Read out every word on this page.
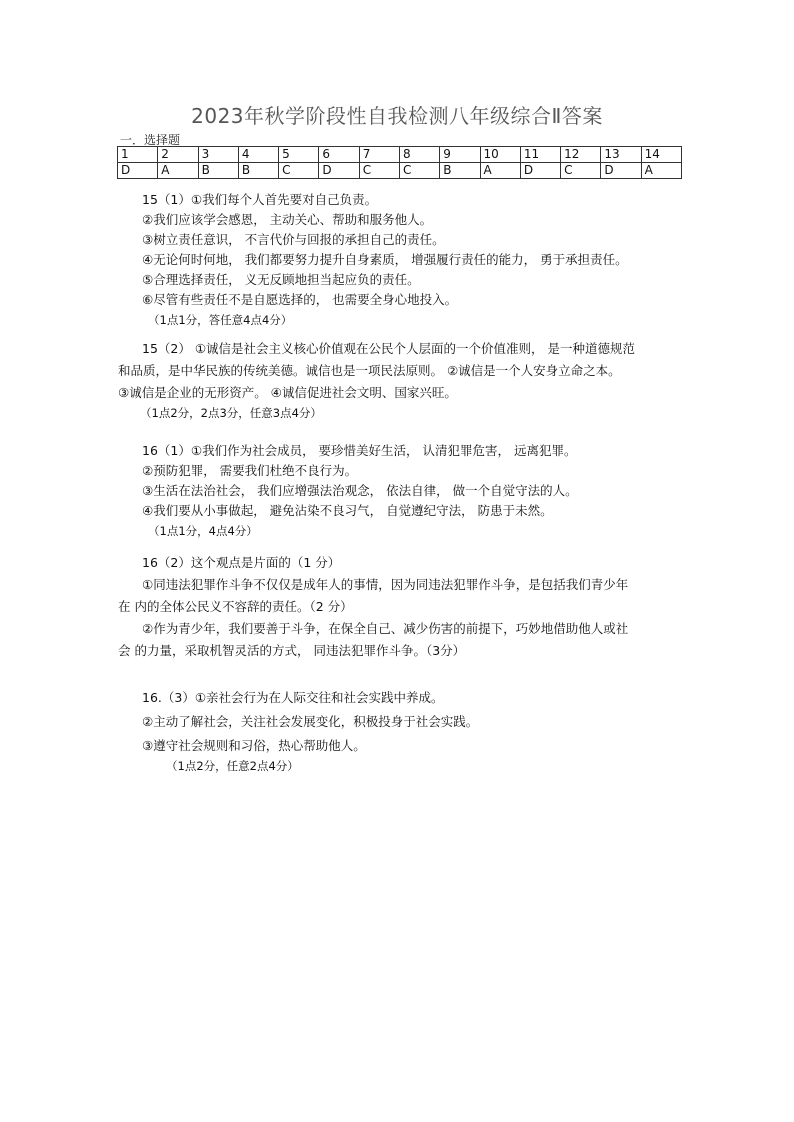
2023年秋学阶段性自我检测八年级综合Ⅱ答案
一．选择题
1	2	3	4	5	6	7	8	9	10	11	12	13	14
D	A	B	B	C	D	C	C	B	A	D	C	D	A

15（1）①我们每个人首先要对自己负责。

②我们应该学会感恩， 主动关心、帮助和服务他人。

③树立责任意识， 不言代价与回报的承担自己的责任。

④无论何时何地， 我们都要努力提升自身素质， 增强履行责任的能力， 勇于承担责任。

⑤合理选择责任， 义无反顾地担当起应负的责任。

⑥尽管有些责任不是自愿选择的， 也需要全身心地投入。

（1点1分，答任意4点4分）

15（2） ①诚信是社会主义核心价值观在公民个人层面的一个价值准则， 是一种道德规范

和品质，是中华民族的传统美德。诚信也是一项民法原则。 ②诚信是一个人安身立命之本。

③诚信是企业的无形资产。 ④诚信促进社会文明、国家兴旺。

（1点2分，2点3分，任意3点4分）

16（1）①我们作为社会成员， 要珍惜美好生活， 认清犯罪危害， 远离犯罪。

②预防犯罪， 需要我们杜绝不良行为。

③生活在法治社会， 我们应增强法治观念， 依法自律， 做一个自觉守法的人。

④我们要从小事做起， 避免沾染不良习气， 自觉遵纪守法， 防患于未然。

（1点1分，4点4分）

16（2）这个观点是片面的（1 分）

①同违法犯罪作斗争不仅仅是成年人的事情，因为同违法犯罪作斗争，是包括我们青少年

在 内的全体公民义不容辞的责任。（2 分）

②作为青少年，我们要善于斗争，在保全自己、减少伤害的前提下，巧妙地借助他人或社

会 的力量，采取机智灵活的方式， 同违法犯罪作斗争。（3分）

16.（3）①亲社会行为在人际交往和社会实践中养成。

②主动了解社会，关注社会发展变化，积极投身于社会实践。

③遵守社会规则和习俗，热心帮助他人。

（1点2分，任意2点4分）
